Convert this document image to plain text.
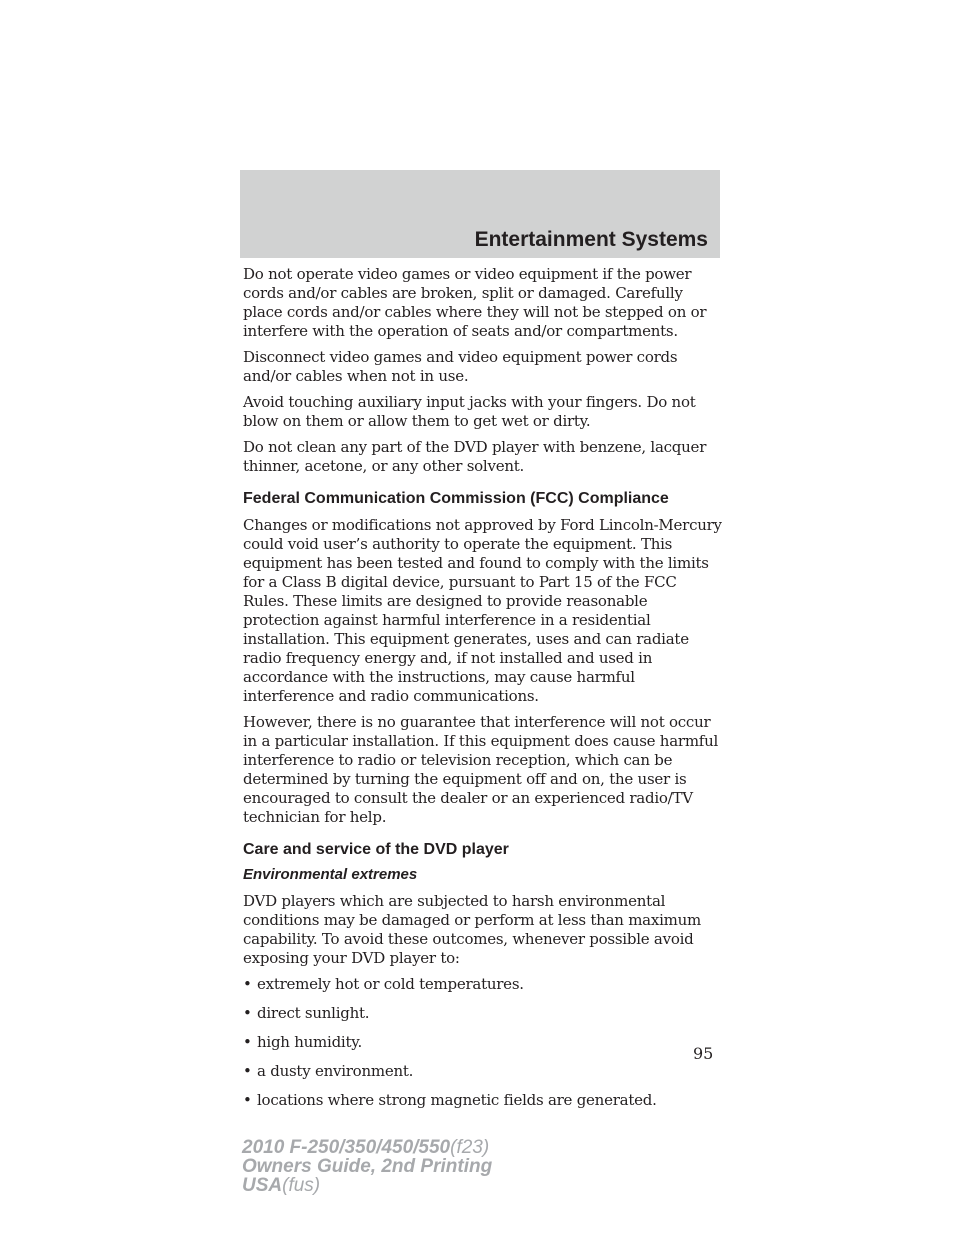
Entertainment Systems

Do not operate video games or video equipment if the power cords and/or cables are broken, split or damaged. Carefully place cords and/or cables where they will not be stepped on or interfere with the operation of seats and/or compartments.

Disconnect video games and video equipment power cords and/or cables when not in use.

Avoid touching auxiliary input jacks with your fingers. Do not blow on them or allow them to get wet or dirty.

Do not clean any part of the DVD player with benzene, lacquer thinner, acetone, or any other solvent.

Federal Communication Commission (FCC) Compliance

Changes or modifications not approved by Ford Lincoln-Mercury could void user’s authority to operate the equipment. This equipment has been tested and found to comply with the limits for a Class B digital device, pursuant to Part 15 of the FCC Rules. These limits are designed to provide reasonable protection against harmful interference in a residential installation. This equipment generates, uses and can radiate radio frequency energy and, if not installed and used in accordance with the instructions, may cause harmful interference and radio communications.

However, there is no guarantee that interference will not occur in a particular installation. If this equipment does cause harmful interference to radio or television reception, which can be determined by turning the equipment off and on, the user is encouraged to consult the dealer or an experienced radio/TV technician for help.

Care and service of the DVD player
Environmental extremes

DVD players which are subjected to harsh environmental conditions may be damaged or perform at less than maximum capability. To avoid these outcomes, whenever possible avoid exposing your DVD player to:

• extremely hot or cold temperatures.
• direct sunlight.
• high humidity.
• a dusty environment.
• locations where strong magnetic fields are generated.
95
2010 F-250/350/450/550(f23)
Owners Guide, 2nd Printing
USA(fus)
